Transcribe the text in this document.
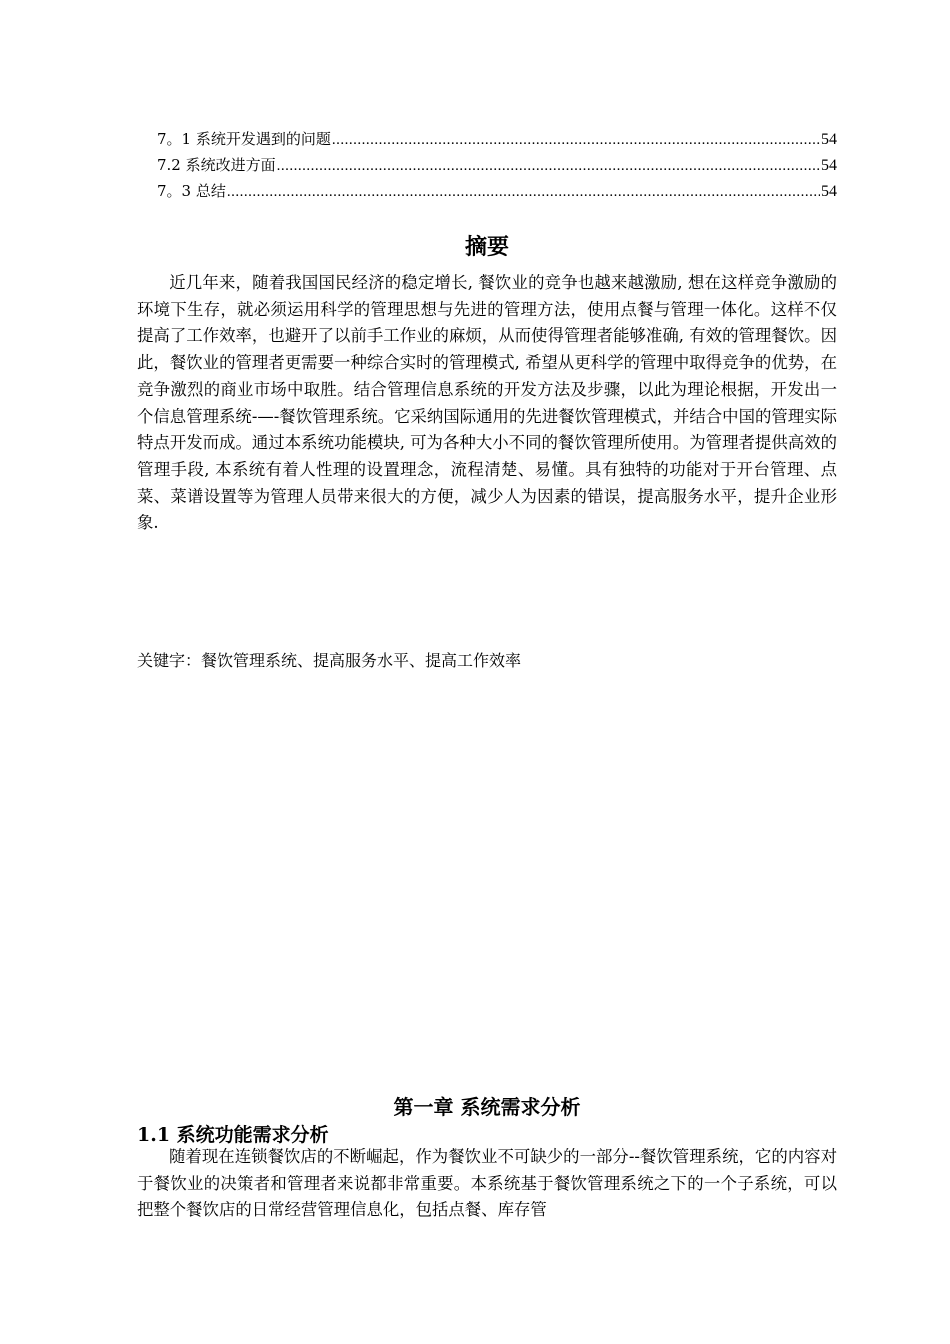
7。1 系统开发遇到的问题 .....	54
7.2 系统改进方面 .....	54
7。3 总结 .....	54
摘要

近几年来，随着我国国民经济的稳定增长, 餐饮业的竞争也越来越激励, 想在这样竞争激励的环境下生存，就必须运用科学的管理思想与先进的管理方法，使用点餐与管理一体化。这样不仅提高了工作效率，也避开了以前手工作业的麻烦，从而使得管理者能够准确, 有效的管理餐饮。因此，餐饮业的管理者更需要一种综合实时的管理模式, 希望从更科学的管理中取得竞争的优势，在竞争激烈的商业市场中取胜。结合管理信息系统的开发方法及步骤，以此为理论根据，开发出一个信息管理系统-—-餐饮管理系统。它采纳国际通用的先进餐饮管理模式，并结合中国的管理实际特点开发而成。通过本系统功能模块, 可为各种大小不同的餐饮管理所使用。为管理者提供高效的管理手段, 本系统有着人性理的设置理念，流程清楚、易懂。具有独特的功能对于开台管理、点菜、菜谱设置等为管理人员带来很大的方便，减少人为因素的错误，提高服务水平，提升企业形象.

关键字：餐饮管理系统、提高服务水平、提高工作效率
第一章 系统需求分析
1.1 系统功能需求分析

随着现在连锁餐饮店的不断崛起，作为餐饮业不可缺少的一部分--餐饮管理系统，它的内容对于餐饮业的决策者和管理者来说都非常重要。本系统基于餐饮管理系统之下的一个子系统，可以把整个餐饮店的日常经营管理信息化，包括点餐、库存管
